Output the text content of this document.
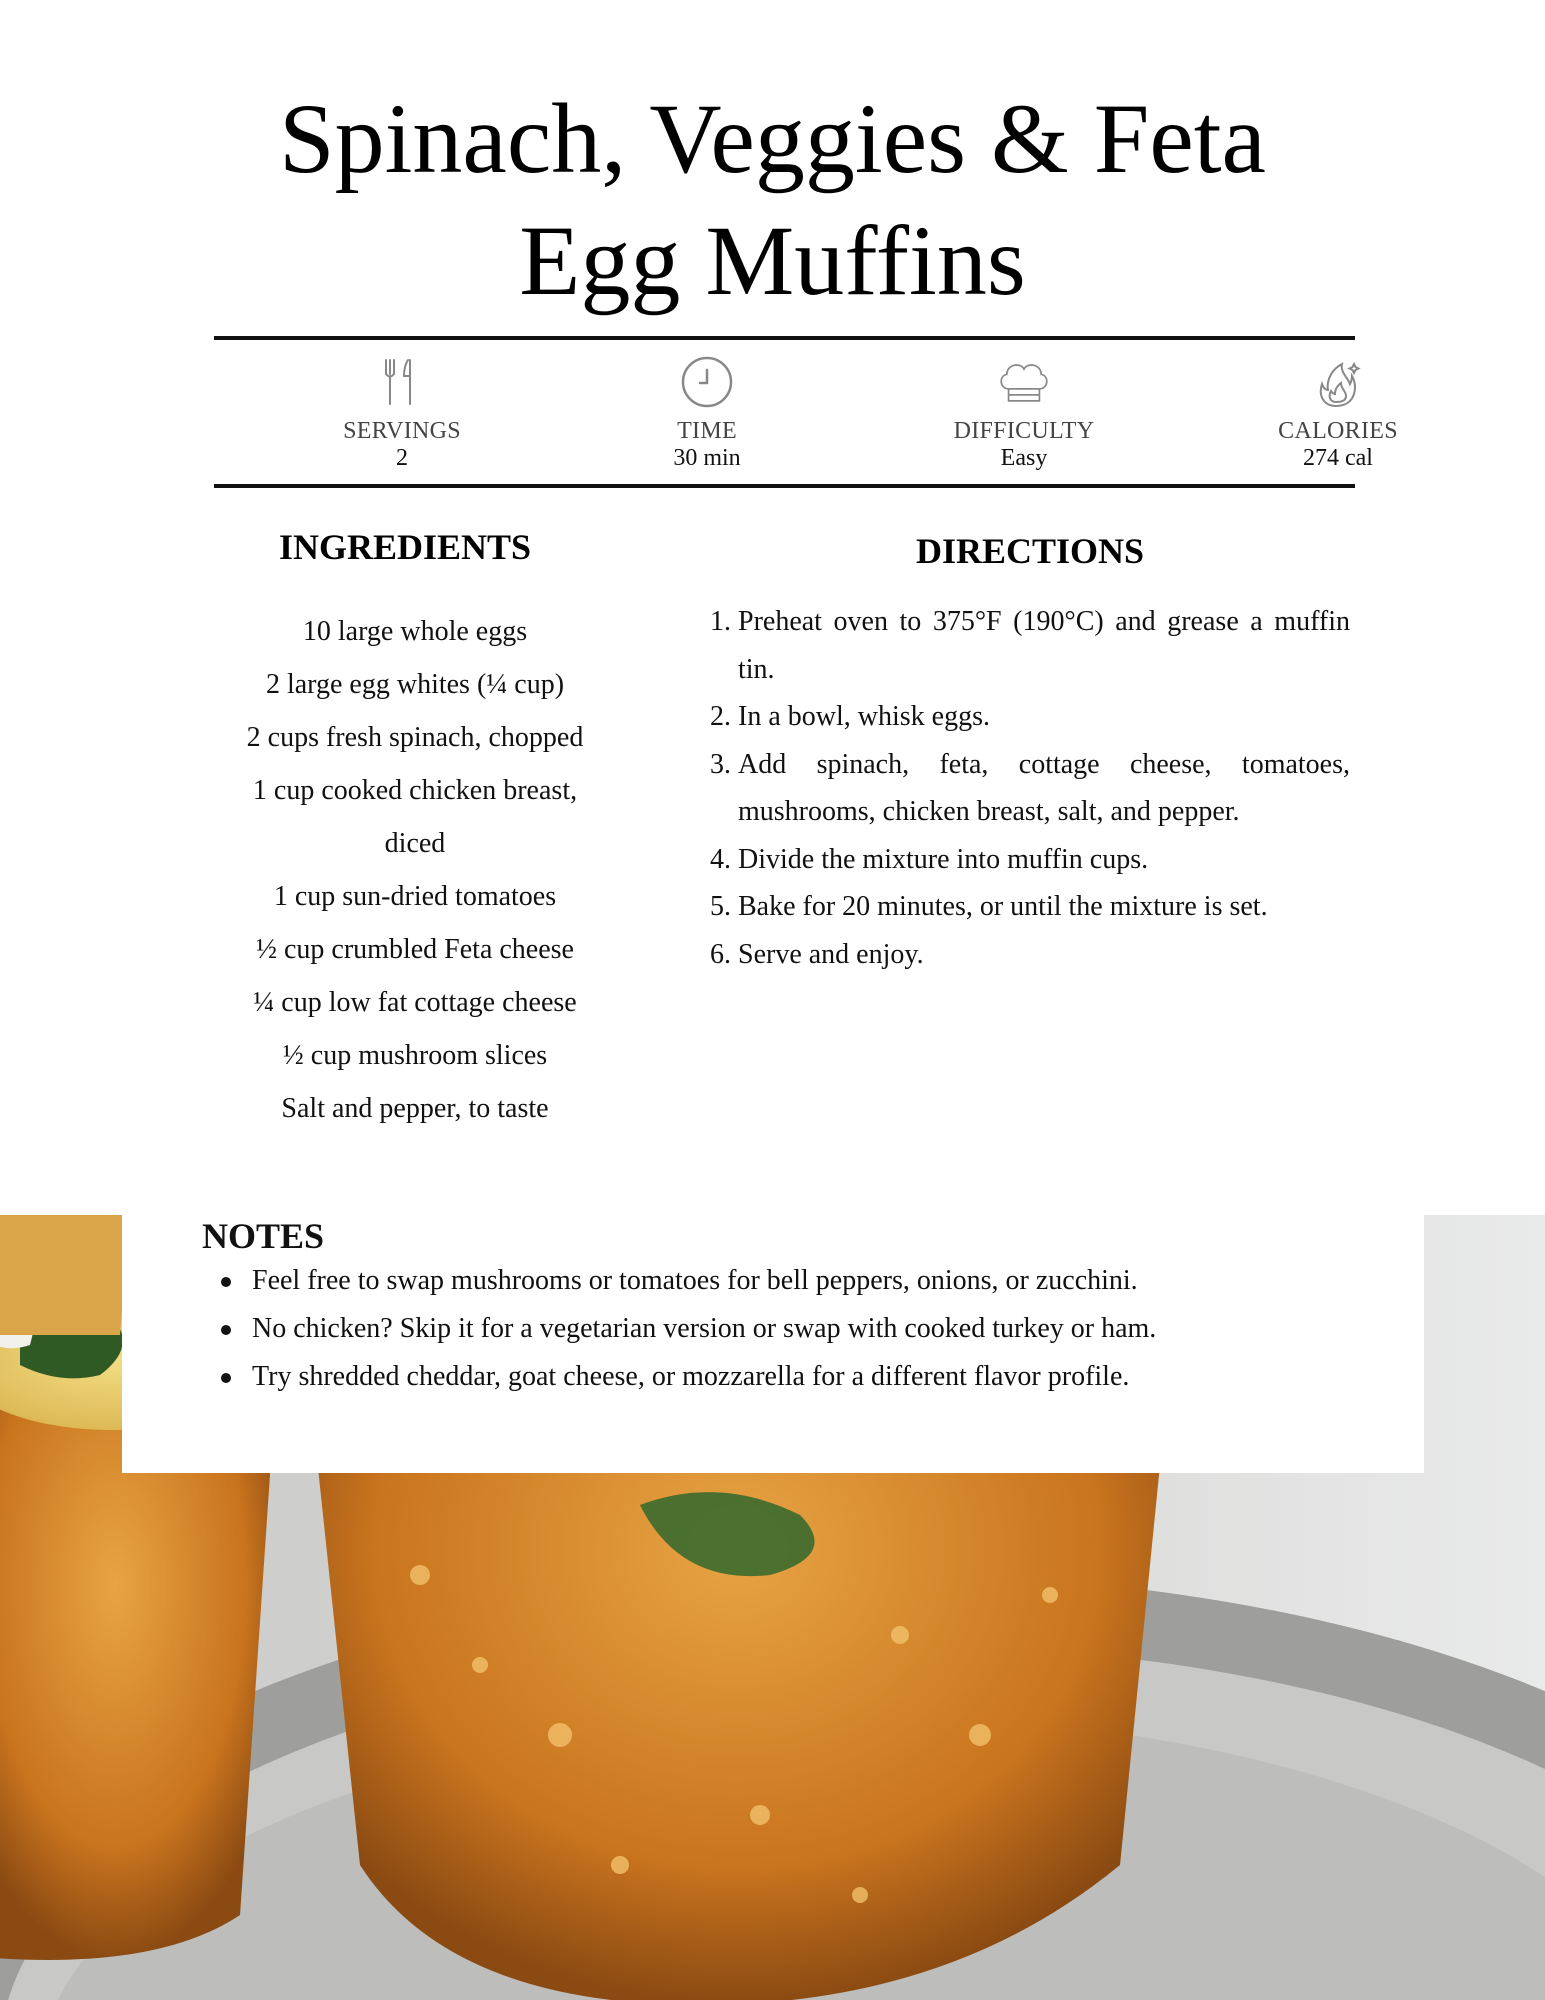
Spinach, Veggies & Feta
Egg Muffins
SERVINGS
2
TIME
30 min
DIFFICULTY
Easy
CALORIES
274 cal
INGREDIENTS
10 large whole eggs
2 large egg whites (¼ cup)
2 cups fresh spinach, chopped
1 cup cooked chicken breast,
diced
1 cup sun-dried tomatoes
½ cup crumbled Feta cheese
¼ cup low fat cottage cheese
½ cup mushroom slices
Salt and pepper, to taste
DIRECTIONS
1. Preheat oven to 375°F (190°C) and grease a muffin tin.
2. In a bowl, whisk eggs.
3. Add spinach, feta, cottage cheese, tomatoes, mushrooms, chicken breast, salt, and pepper.
4. Divide the mixture into muffin cups.
5. Bake for 20 minutes, or until the mixture is set.
6. Serve and enjoy.
NOTES
Feel free to swap mushrooms or tomatoes for bell peppers, onions, or zucchini.
No chicken? Skip it for a vegetarian version or swap with cooked turkey or ham.
Try shredded cheddar, goat cheese, or mozzarella for a different flavor profile.
